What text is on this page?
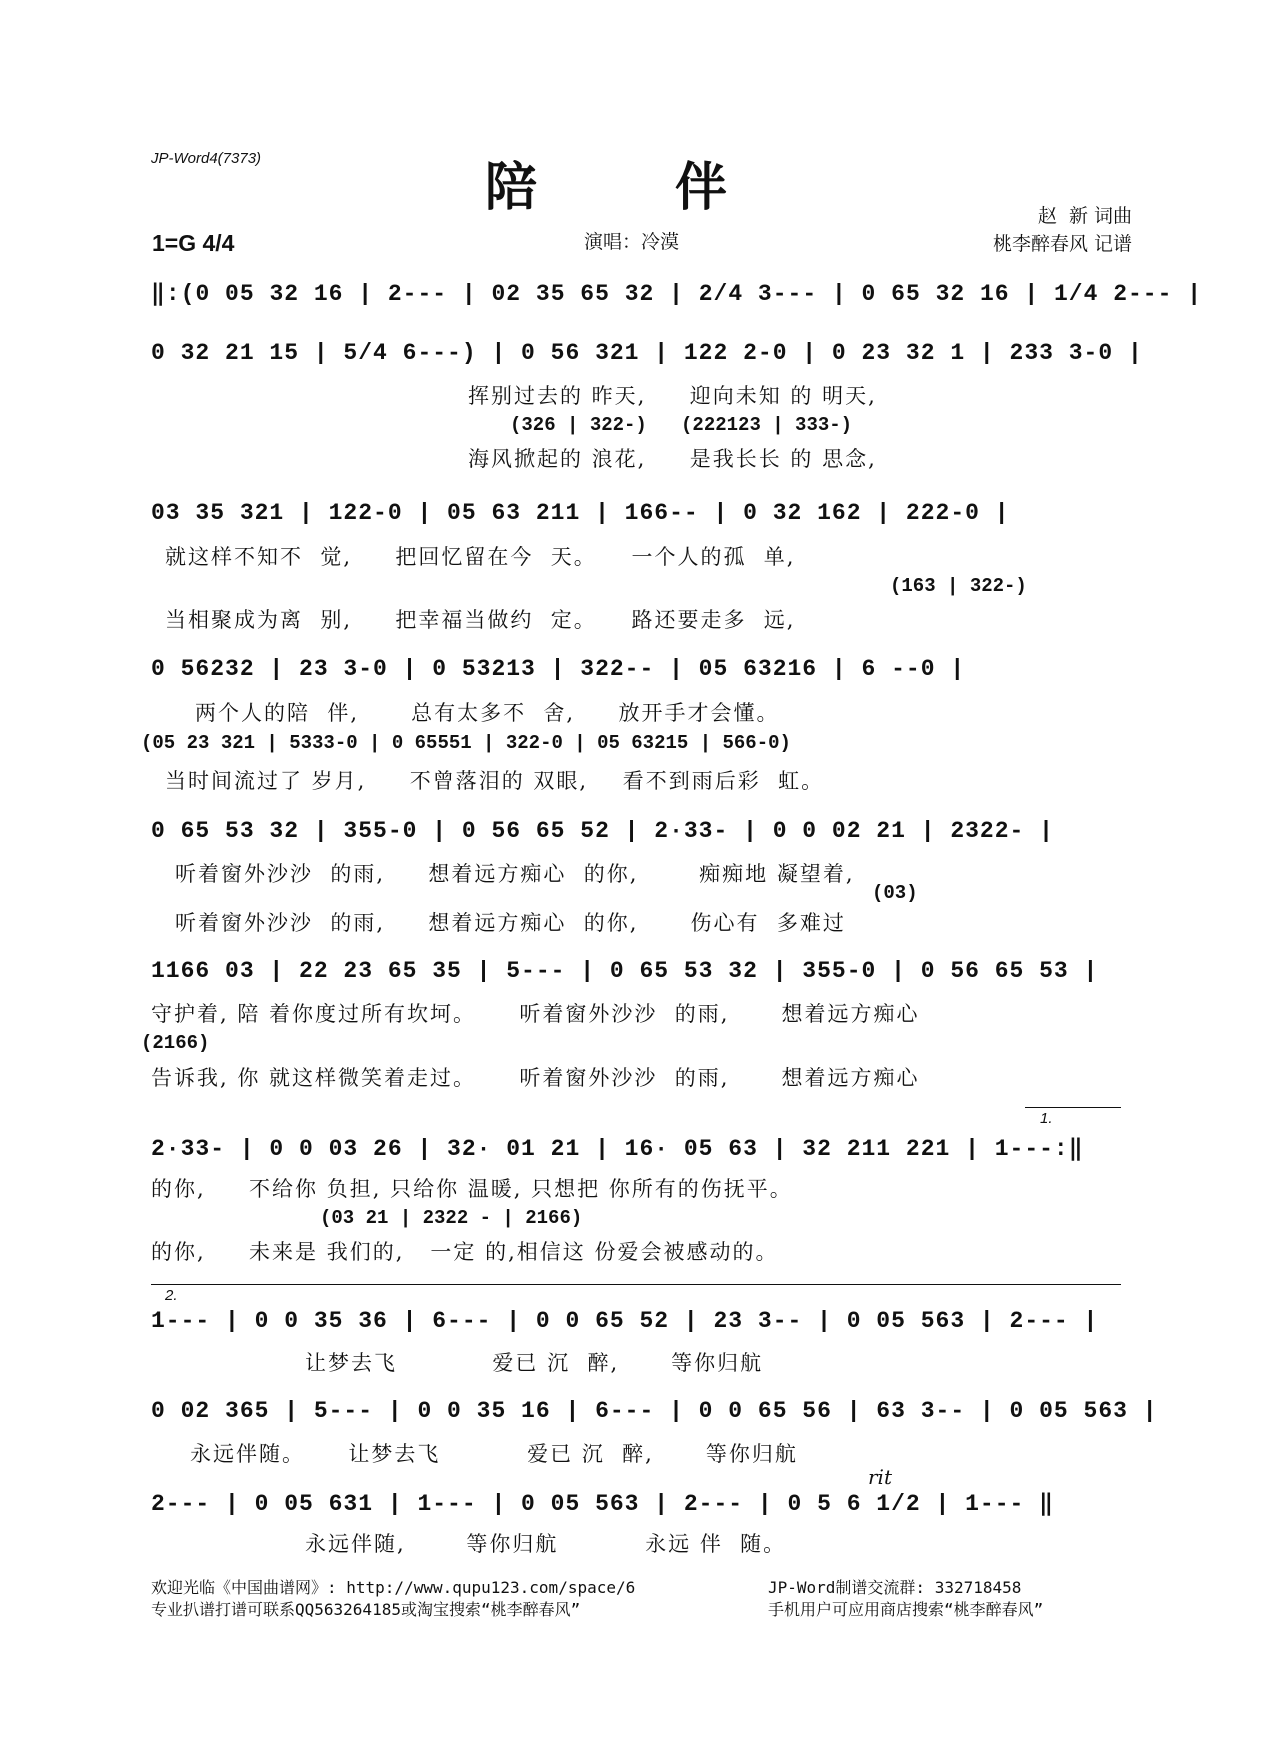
JP-Word4(7373)	陪 伴	赵  新 词曲
桃李醉春风 记谱
1=G 4/4	演唱：冷漠
‖:(0 05 32 16 | 2--- | 02 35 65 32 | 2/4 3--- | 0 65 32 16 | 1/4 2--- |
0 32 21 15 | 5/4 6---) | 0 56 321 | 122 2-0 | 0 23 32 1 | 233 3-0 |
挥别过去的 昨天,     迎向未知 的 明天,
(326 | 322-)   (222123 | 333-)
海风掀起的 浪花,     是我长长 的 思念,
03 35 321 | 122-0 | 05 63 211 | 166-- | 0 32 162 | 222-0 |
就这样不知不  觉,     把回忆留在今  天。    一个人的孤  单,
(163 | 322-)
当相聚成为离  别,     把幸福当做约  定。    路还要走多  远,
0 56232 | 23 3-0 | 0 53213 | 322-- | 05 63216 | 6 --0 |
两个人的陪  伴,      总有太多不  舍,     放开手才会懂。
(05 23 321 | 5333-0 | 0 65551 | 322-0 | 05 63215 | 566-0)
当时间流过了 岁月,     不曾落泪的 双眼,    看不到雨后彩  虹。
0 65 53 32 | 355-0 | 0 56 65 52 | 2·33- | 0 0 02 21 | 2322- |
听着窗外沙沙  的雨,     想着远方痴心  的你,       痴痴地 凝望着,
(03)
听着窗外沙沙  的雨,     想着远方痴心  的你,      伤心有  多难过
1166 03 | 22 23 65 35 | 5--- | 0 65 53 32 | 355-0 | 0 56 65 53 |
守护着, 陪 着你度过所有坎坷。     听着窗外沙沙  的雨,      想着远方痴心
(2166)
告诉我, 你 就这样微笑着走过。     听着窗外沙沙  的雨,      想着远方痴心
1.
2·33- | 0 0 03 26 | 32· 01 21 | 16· 05 63 | 32 211 221 | 1---:‖
的你,     不给你 负担, 只给你 温暖, 只想把 你所有的伤抚平。
(03 21 | 2322 - | 2166)
的你,     未来是 我们的,   一定 的,相信这 份爱会被感动的。
2.
1--- | 0 0 35 36 | 6--- | 0 0 65 52 | 23 3-- | 0 05 563 | 2--- |
让梦去飞           爱已 沉  醉,      等你归航
0 02 365 | 5--- | 0 0 35 16 | 6--- | 0 0 65 56 | 63 3-- | 0 05 563 |
永远伴随。     让梦去飞          爱已 沉  醉,      等你归航
rit
2--- | 0 05 631 | 1--- | 0 05 563 | 2--- | 0 5 6 1/2 | 1--- ‖
永远伴随,       等你归航          永远 伴  随。
欢迎光临《中国曲谱网》: http://www.qupu123.com/space/6
专业扒谱打谱可联系QQ563264185或淘宝搜索“桃李醉春风”
JP-Word制谱交流群: 332718458
手机用户可应用商店搜索“桃李醉春风”
